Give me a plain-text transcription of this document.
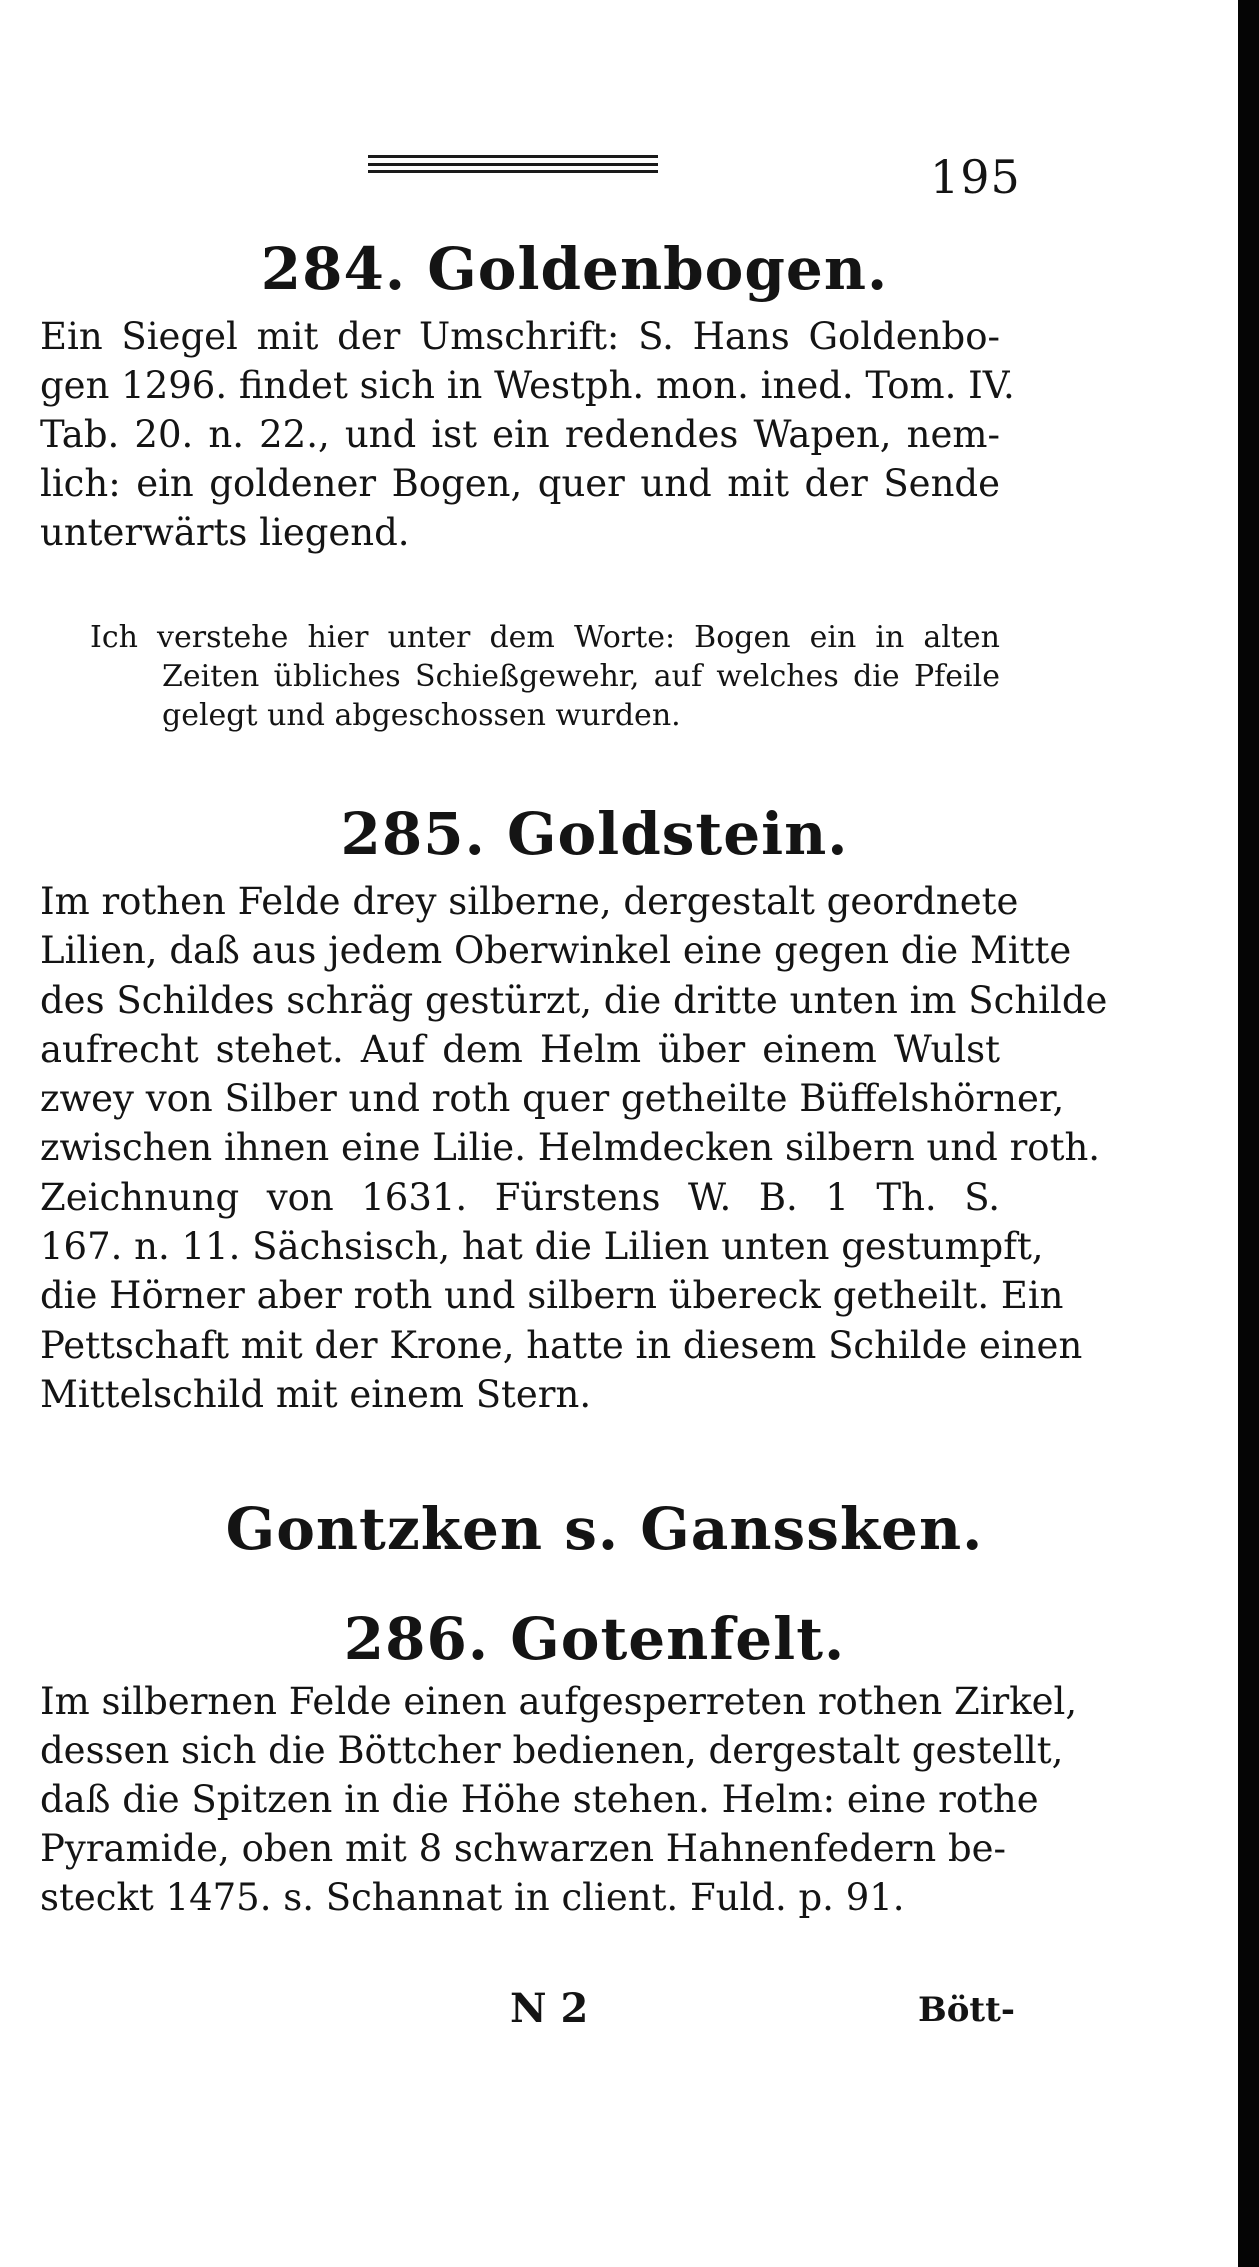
195
284. Goldenbogen.
Ein Siegel mit der Umschrift: S. Hans Goldenbo-
gen 1296. findet sich in Westph. mon. ined. Tom. IV.
Tab. 20. n. 22., und ist ein redendes Wapen, nem-
lich: ein goldener Bogen, quer und mit der Sende
unterwärts liegend.
Ich verstehe hier unter dem Worte: Bogen ein in alten
Zeiten übliches Schießgewehr, auf welches die Pfeile
gelegt und abgeschossen wurden.
285. Goldstein.
Im rothen Felde drey silberne, dergestalt geordnete
Lilien, daß aus jedem Oberwinkel eine gegen die Mitte
des Schildes schräg gestürzt, die dritte unten im Schilde
aufrecht stehet. Auf dem Helm über einem Wulst
zwey von Silber und roth quer getheilte Büffelshörner,
zwischen ihnen eine Lilie. Helmdecken silbern und roth.
Zeichnung von 1631. Fürstens W. B. 1 Th. S.
167. n. 11. Sächsisch, hat die Lilien unten gestumpft,
die Hörner aber roth und silbern übereck getheilt. Ein
Pettschaft mit der Krone, hatte in diesem Schilde einen
Mittelschild mit einem Stern.
Gontzken s. Ganssken.
286. Gotenfelt.
Im silbernen Felde einen aufgesperreten rothen Zirkel,
dessen sich die Böttcher bedienen, dergestalt gestellt,
daß die Spitzen in die Höhe stehen. Helm: eine rothe
Pyramide, oben mit 8 schwarzen Hahnenfedern be-
steckt 1475. s. Schannat in client. Fuld. p. 91.
N 2	Bött-
